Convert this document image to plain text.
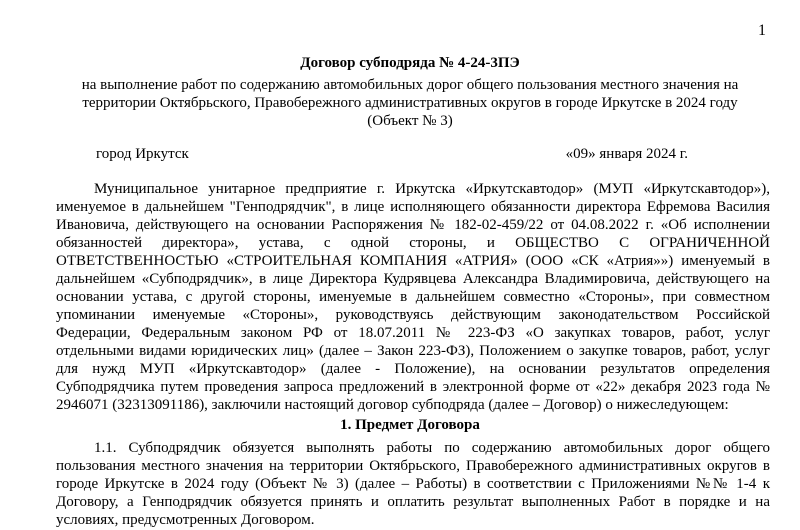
1
Договор субподряда № 4-24-3ПЭ
на выполнение работ по содержанию автомобильных дорог общего пользования местного значения на
территории Октябрьского, Правобережного административных округов в городе Иркутске в 2024 году
(Объект № 3)
город Иркутск	«09» января 2024 г.
Муниципальное унитарное предприятие г. Иркутска «Иркутскавтодор» (МУП «Иркутскавтодор»),
именуемое в дальнейшем "Генподрядчик", в лице исполняющего обязанности директора Ефремова Василия
Ивановича, действующего на основании Распоряжения № 182-02-459/22 от 04.08.2022 г. «Об исполнении
обязанностей директора», устава, с одной стороны, и ОБЩЕСТВО С ОГРАНИЧЕННОЙ
ОТВЕТСТВЕННОСТЬЮ «СТРОИТЕЛЬНАЯ КОМПАНИЯ «АТРИЯ» (ООО «СК «Атрия»») именуемый в
дальнейшем «Субподрядчик», в лице Директора Кудрявцева Александра Владимировича, действующего на
основании устава, с другой стороны, именуемые в дальнейшем совместно «Стороны», при совместном
упоминании именуемые «Стороны», руководствуясь действующим законодательством Российской
Федерации, Федеральным законом РФ от 18.07.2011 № 223-ФЗ «О закупках товаров, работ, услуг
отдельными видами юридических лиц» (далее – Закон 223-ФЗ), Положением о закупке товаров, работ, услуг
для нужд МУП «Иркутскавтодор» (далее - Положение), на основании результатов определения
Субподрядчика путем проведения запроса предложений в электронной форме от «22» декабря 2023 года №
2946071 (32313091186), заключили настоящий договор субподряда (далее – Договор) о нижеследующем:
1. Предмет Договора
1.1. Субподрядчик обязуется выполнять работы по содержанию автомобильных дорог общего
пользования местного значения на территории Октябрьского, Правобережного административных округов в
городе Иркутске в 2024 году (Объект № 3) (далее – Работы) в соответствии с Приложениями №№ 1-4 к
Договору, а Генподрядчик обязуется принять и оплатить результат выполненных Работ в порядке и на
условиях, предусмотренных Договором.
